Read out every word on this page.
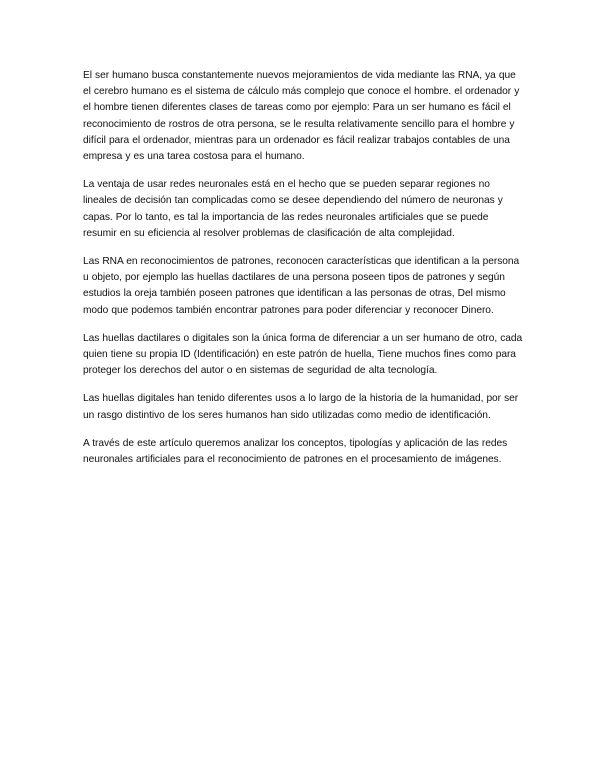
El ser humano busca constantemente nuevos mejoramientos de vida mediante las RNA, ya que el cerebro humano es el sistema de cálculo más complejo que conoce el hombre. el ordenador y el hombre tienen diferentes clases de tareas como por ejemplo: Para un ser humano es fácil el reconocimiento de rostros de otra persona, se le resulta relativamente sencillo para el hombre y difícil para el ordenador, mientras para un ordenador es fácil realizar trabajos contables de una empresa y es una tarea costosa para el humano.

La ventaja de usar redes neuronales está en el hecho que se pueden separar regiones no lineales de decisión tan complicadas como se desee dependiendo del número de neuronas y capas. Por lo tanto, es tal la importancia de las redes neuronales artificiales que se puede resumir en su eficiencia al resolver problemas de clasificación de alta complejidad.

Las RNA en reconocimientos de patrones, reconocen características que identifican a la persona u objeto, por ejemplo las huellas dactilares de una persona poseen tipos de patrones y según estudios la oreja también poseen patrones que identifican a las personas de otras, Del mismo modo que podemos también encontrar patrones para poder diferenciar y reconocer Dinero.

Las huellas dactilares o digitales son la única forma de diferenciar a un ser humano de otro, cada quien tiene su propia ID (Identificación) en este patrón de huella, Tiene muchos fines como para proteger los derechos del autor o en sistemas de seguridad de alta tecnología.

Las huellas digitales han tenido diferentes usos a lo largo de la historia de la humanidad, por ser un rasgo distintivo de los seres humanos han sido utilizadas como medio de identificación.

A través de este artículo queremos analizar los conceptos, tipologías y aplicación de las redes neuronales artificiales para el reconocimiento de patrones en el procesamiento de imágenes.
